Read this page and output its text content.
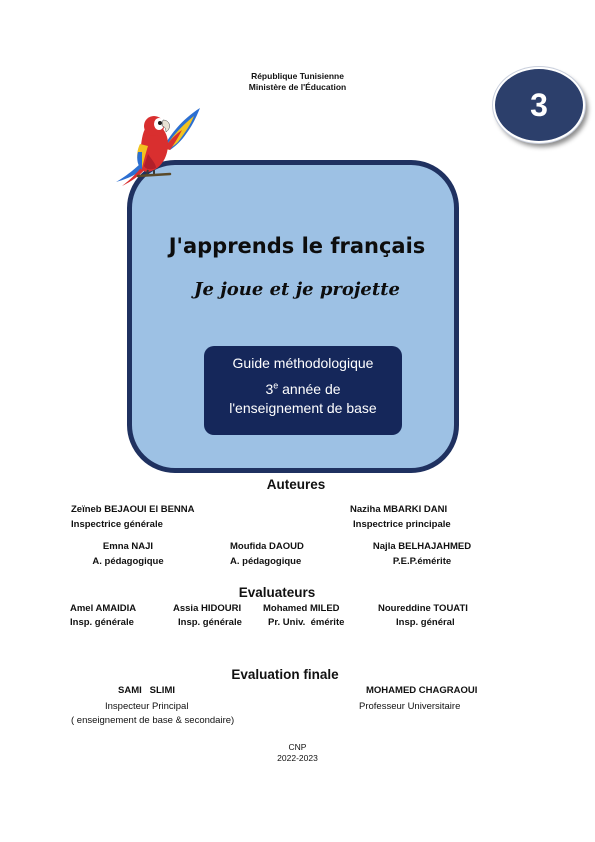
République Tunisienne
Ministère de l'Éducation	3
J'apprends le français
Je joue et je projette
Guide méthodologique
3e année de
l'enseignement de base
Auteures
Zeïneb BEJAOUI El BENNA
Inspectrice générale
Naziha MBARKI DANI
Inspectrice principale
Emna NAJI
A. pédagogique
Moufida DAOUD
A. pédagogique
Najla BELHAJAHMED
P.E.P.émérite
Evaluateurs
Amel AMAIDIA
Insp. générale
Assia HIDOURI
Insp. générale
Mohamed MILED
Pr. Univ.  émérite
Noureddine TOUATI
Insp. général
Evaluation finale
SAMI   SLIMI
Inspecteur Principal
( enseignement de base & secondaire)
MOHAMED CHAGRAOUI
Professeur Universitaire
CNP
2022-2023
